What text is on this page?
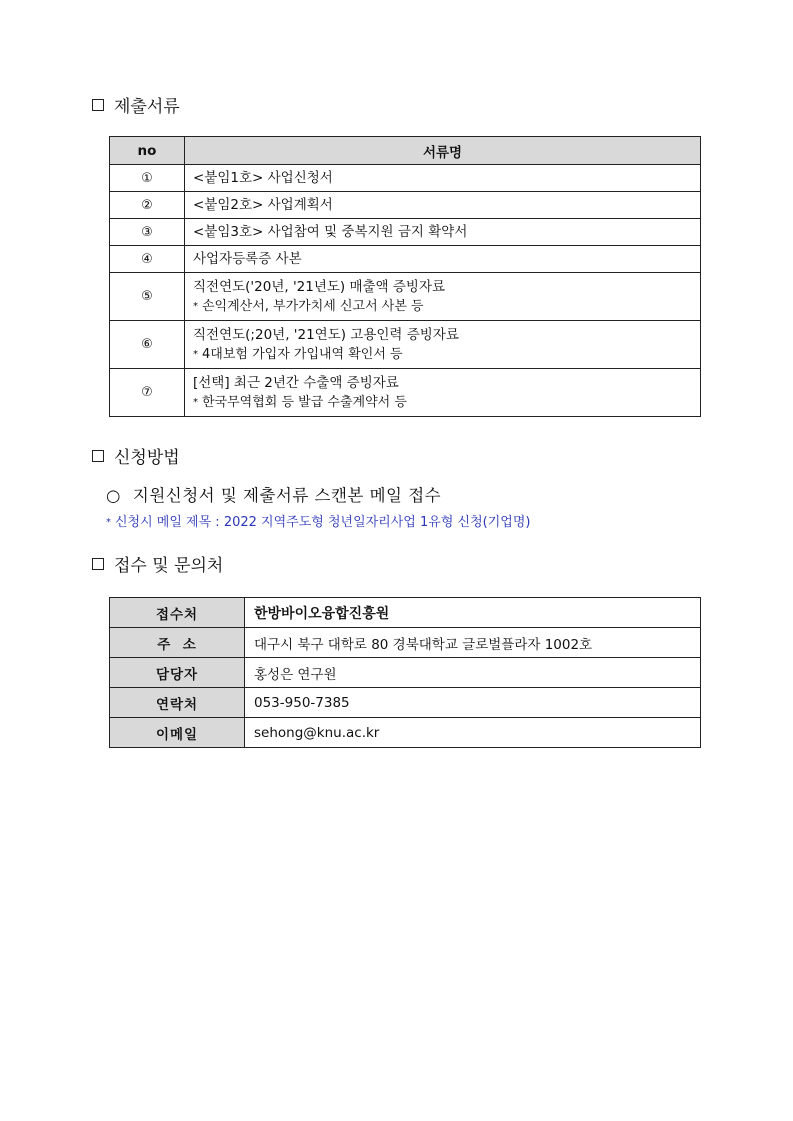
제출서류
no	서류명
①	<붙임1호> 사업신청서
②	<붙임2호> 사업계획서
③	<붙임3호> 사업참여 및 중복지원 금지 확약서
④	사업자등록증 사본
⑤	직전연도('20년, '21년도) 매출액 증빙자료
* 손익계산서, 부가가치세 신고서 사본 등

⑥	직전연도(;20년, '21연도) 고용인력 증빙자료
* 4대보험 가입자 가입내역 확인서 등

⑦	[선택] 최근 2년간 수출액 증빙자료
* 한국무역협회 등 발급 수출계약서 등
신청방법
○ 지원신청서 및 제출서류 스캔본 메일 접수
* 신청시 메일 제목 : 2022 지역주도형 청년일자리사업 1유형 신청(기업명)
접수 및 문의처
접수처	한방바이오융합진흥원
주  소	대구시 북구 대학로 80 경북대학교 글로벌플라자 1002호
담당자	홍성은 연구원
연락처	053-950-7385
이메일	sehong@knu.ac.kr
